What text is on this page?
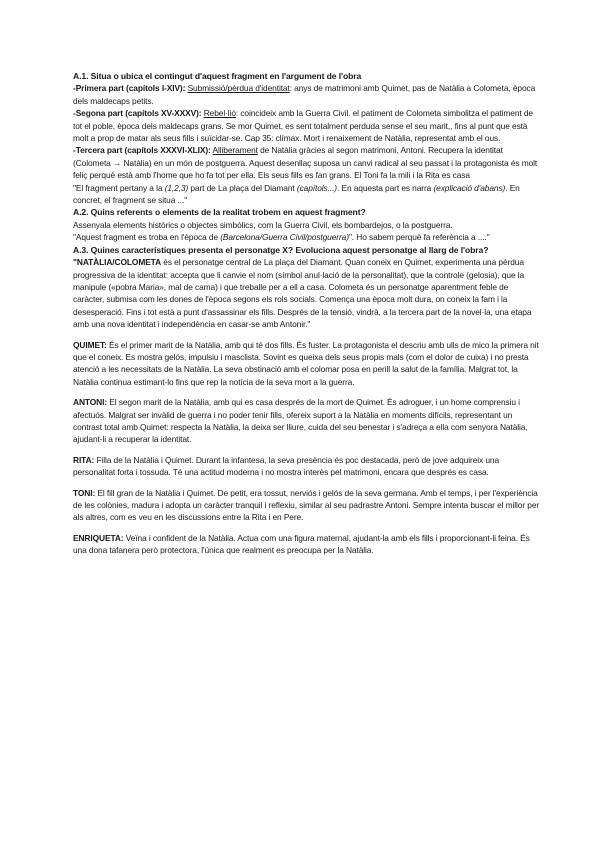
A.1. Situa o ubica el contingut d'aquest fragment en l'argument de l'obra

-Primera part (capítols I-XIV): Submissió/pèrdua d'identitat: anys de matrimoni amb Quimet, pas de Natàlia a Colometa, època dels maldecaps petits.

-Segona part (capítols XV-XXXV): Rebel·lió: coincideix amb la Guerra Civil. el patiment de Colometa simbolitza el patiment de tot el poble, època dels maldecaps grans. Se mor Quimet, es sent totalment perduda sense el seu marit,, fins al punt que està molt a prop de matar als seus fills i suïcidar-se. Cap 35: clímax. Mort i renaixement de Natàlia, representat amb el ous.

-Tercera part (capítols XXXVI-XLIX): Alliberament de Natàlia gràcies al segon matrimoni, Antoni. Recupera la identitat (Colometa → Natàlia) en un món de postguerra. Aquest desenllaç suposa un canvi radical al seu passat i la protagonista és molt feliç perquè està amb l'home que ho fa tot per ella. Els seus fills es fan grans. El Toni fa la mili i la Rita es casa

"El fragment pertany a la (1,2,3) part de La plaça del Diamant (capítols...). En aquesta part es narra (explicació d'abans). En concret, el fragment se situa ..."

A.2. Quins referents o elements de la realitat trobem en aquest fragment?

Assenyala elements històrics o objectes simbòlics, com la Guerra Civil, els bombardejos, o la postguerra.

"Aquest fragment es troba en l'època de (Barcelona/Guerra Civil/postguerra)". Ho sabem perquè fa referència a ...."

A.3. Quines característiques presenta el personatge X? Evoluciona aquest personatge al llarg de l'obra?

"NATÀLIA/COLOMETA és el personatge central de La plaça del Diamant. Quan coneix en Quimet, experimenta una pèrdua progressiva de la identitat: accepta que li canvie el nom (símbol anul·lació de la personalitat), que la controle (gelosia), que la manipule («pobra Maria», mal de cama) i que treballe per a ell a casa. Colometa és un personatge aparentment feble de caràcter, submisa com les dones de l'època segons els rols socials. Comença una època molt dura, on coneix la fam i la desesperació. Fins i tot està a punt d'assassinar els fills. Després de la tensió, vindrà, a la tercera part de la novel·la, una etapa amb una nova identitat i independència en casar-se amb Antonir."

QUIMET: És el primer marit de la Natàlia, amb qui té dos fills. És fuster. La protagonista el descriu amb ulls de mico la primera nit que el coneix. Es mostra gelós, impulsiu i masclista. Sovint es queixa dels seus propis mals (com el dolor de cuixa) i no presta atenció a les necessitats de la Natàlia. La seva obstinació amb el colomar posa en perill la salut de la família. Malgrat tot, la Natàlia continua estimant-lo fins que rep la notícia de la seva mort a la guerra.

ANTONI: El segon marit de la Natàlia, amb qui es casa després de la mort de Quimet. És adroguer, i un home comprensiu i afectuós. Malgrat ser invàlid de guerra i no poder tenir fills, ofereix suport a la Natàlia en moments difícils, representant un contrast total amb Quimet: respecta la Natàlia, la deixa ser lliure, cuida del seu benestar i s'adreça a ella com senyora Natàlia, ajudant-li a recuperar la identitat.

RITA: Filla de la Natàlia i Quimet. Durant la infantesa, la seva presència és poc destacada, però de jove adquireix una personalitat forta i tossuda. Té una actitud moderna i no mostra interès pel matrimoni, encara que després es casa.

TONI: El fill gran de la Natàlia i Quimet. De petit, era tossut, nerviós i gelós de la seva germana. Amb el temps, i per l'experiència de les colònies, madura i adopta un caràcter tranquil i reflexiu, similar al seu padrastre Antoni. Sempre intenta buscar el millor per als altres, com es veu en les discussions entre la Rita i en Pere.

ENRIQUETA: Veïna i confident de la Natàlia. Actua com una figura maternal, ajudant-la amb els fills i proporcionant-li feina. És una dona tafanera però protectora, l'única que realment es preocupa per la Natàlia.
